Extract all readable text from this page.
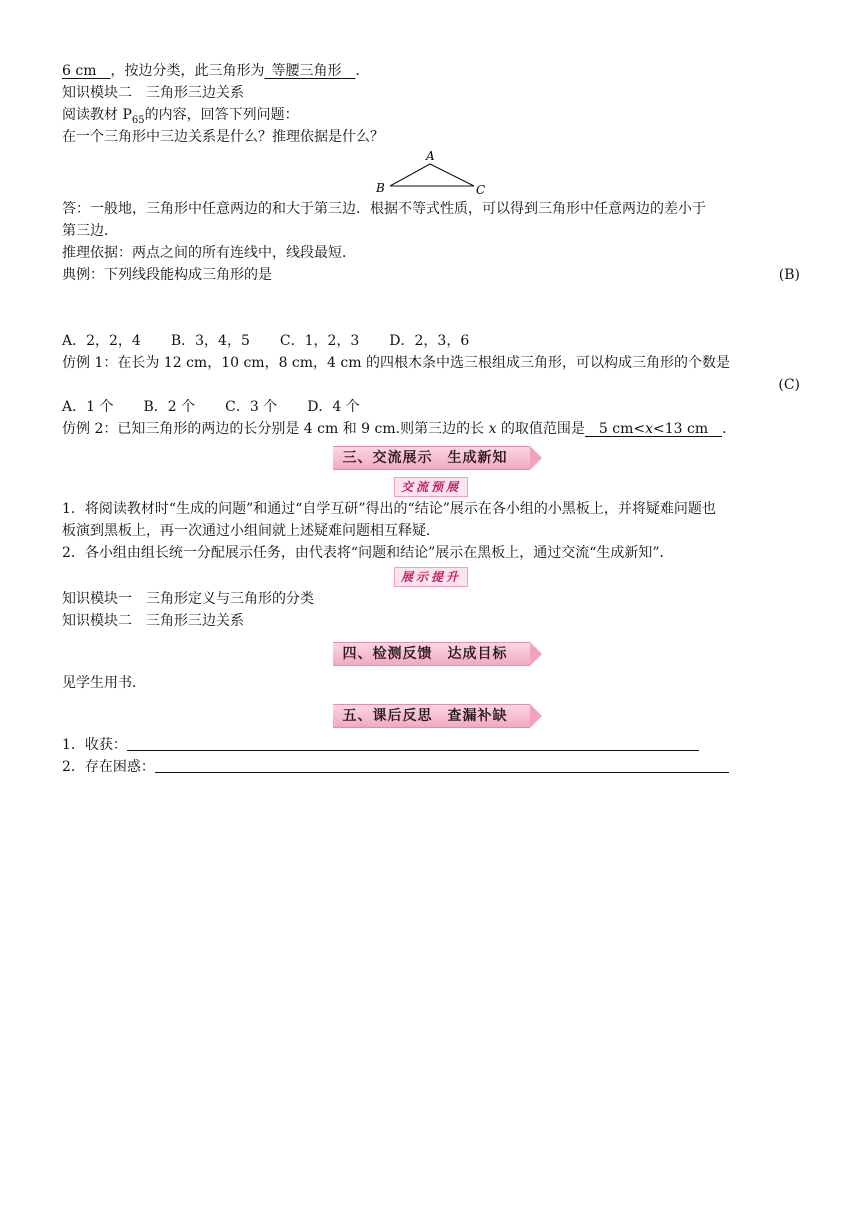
6 cm  ，按边分类，此三角形为  等腰三角形  ．
知识模块二　三角形三边关系
阅读教材 $P_{65}$的内容，回答下列问题：
在一个三角形中三边关系是什么？推理依据是什么？
A
B	C
答：一般地，三角形中任意两边的和大于第三边．根据不等式性质，可以得到三角形中任意两边的差小于
第三边．
推理依据：两点之间的所有连线中，线段最短．
典例：下列线段能构成三角形的是	(B)
A．2，2，4 B．3，4，5 C．1，2，3 D．2，3，6
仿例 1：在长为 12 cm，10 cm，8 cm，4 cm 的四根木条中选三根组成三角形，可以构成三角形的个数是
(C)
A．1 个 B．2 个 C．3 个 D．4 个
仿例 2：已知三角形的两边的长分别是 4 cm 和 9 cm.则第三边的长 x 的取值范围是  5 cm<x<13 cm  ．
三、交流展示　生成新知
交流预展
1．将阅读教材时“生成的问题”和通过“自学互研”得出的“结论”展示在各小组的小黑板上，并将疑难问题也
板演到黑板上，再一次通过小组间就上述疑难问题相互释疑．
2．各小组由组长统一分配展示任务，由代表将“问题和结论”展示在黑板上，通过交流“生成新知”．
展示提升
知识模块一　三角形定义与三角形的分类
知识模块二　三角形三边关系
四、检测反馈　达成目标
见学生用书．
五、课后反思　查漏补缺
1．收获：
2．存在困惑：
